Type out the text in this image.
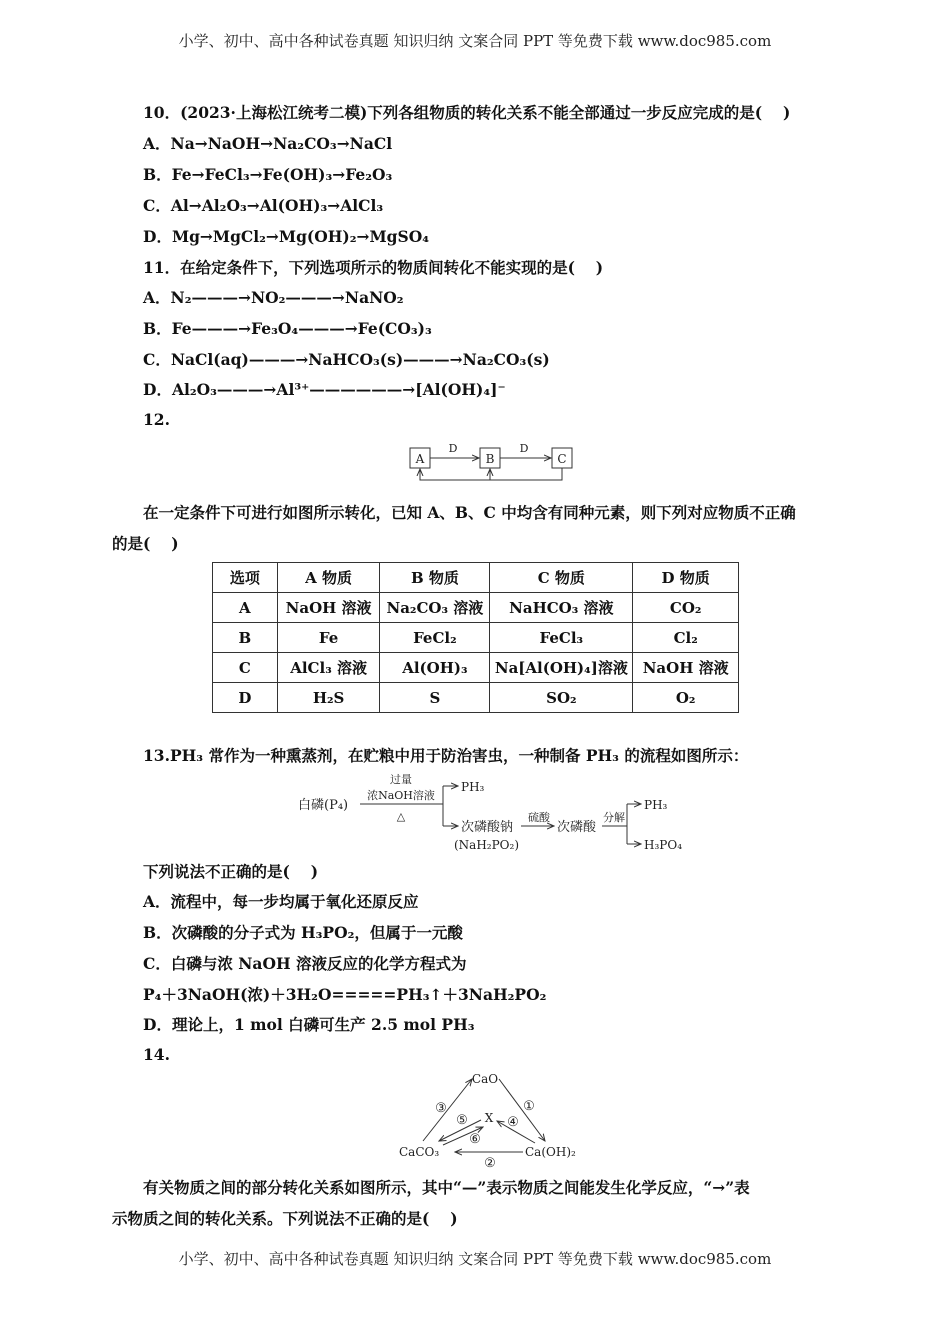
小学、初中、高中各种试卷真题 知识归纳 文案合同 PPT 等免费下载 www.doc985.com
10．(2023·上海松江统考二模)下列各组物质的转化关系不能全部通过一步反应完成的是(　 )
A．Na→NaOH→Na₂CO₃→NaCl
B．Fe→FeCl₃→Fe(OH)₃→Fe₂O₃
C．Al→Al₂O₃→Al(OH)₃→AlCl₃
D．Mg→MgCl₂→Mg(OH)₂→MgSO₄
11．在给定条件下，下列选项所示的物质间转化不能实现的是(　 )
A．N₂———→NO₂———→NaNO₂
B．Fe———→Fe₃O₄———→Fe(CO₃)₃
C．NaCl(aq)———→NaHCO₃(s)———→Na₂CO₃(s)
D．Al₂O₃———→Al³⁺——————→[Al(OH)₄]⁻
12.
A	B	C
D	D
在一定条件下可进行如图所示转化，已知 A、B、C 中均含有同种元素，则下列对应物质不正确
的是(　 )
选项	A 物质	B 物质	C 物质	D 物质
A	NaOH 溶液	Na₂CO₃ 溶液	NaHCO₃ 溶液	CO₂
B	Fe	FeCl₂	FeCl₃	Cl₂
C	AlCl₃ 溶液	Al(OH)₃	Na[Al(OH)₄]溶液	NaOH 溶液
D	H₂S	S	SO₂	O₂
13.PH₃ 常作为一种熏蒸剂，在贮粮中用于防治害虫，一种制备 PH₃ 的流程如图所示：
白磷(P₄)
过量
浓NaOH溶液
△
PH₃
次磷酸钠
(NaH₂PO₂)
硫酸
次磷酸
分解
PH₃
H₃PO₄
下列说法不正确的是(　 )
A．流程中，每一步均属于氧化还原反应
B．次磷酸的分子式为 H₃PO₂，但属于一元酸
C．白磷与浓 NaOH 溶液反应的化学方程式为
P₄＋3NaOH(浓)＋3H₂O=====PH₃↑＋3NaH₂PO₂
D．理论上，1 mol 白磷可生产 2.5 mol PH₃
14.
CaO
CaCO₃	Ca(OH)₂
X
③	①
⑤	④
⑥
②
有关物质之间的部分转化关系如图所示，其中“—”表示物质之间能发生化学反应，“→”表
示物质之间的转化关系。下列说法不正确的是(　 )
小学、初中、高中各种试卷真题 知识归纳 文案合同 PPT 等免费下载 www.doc985.com
